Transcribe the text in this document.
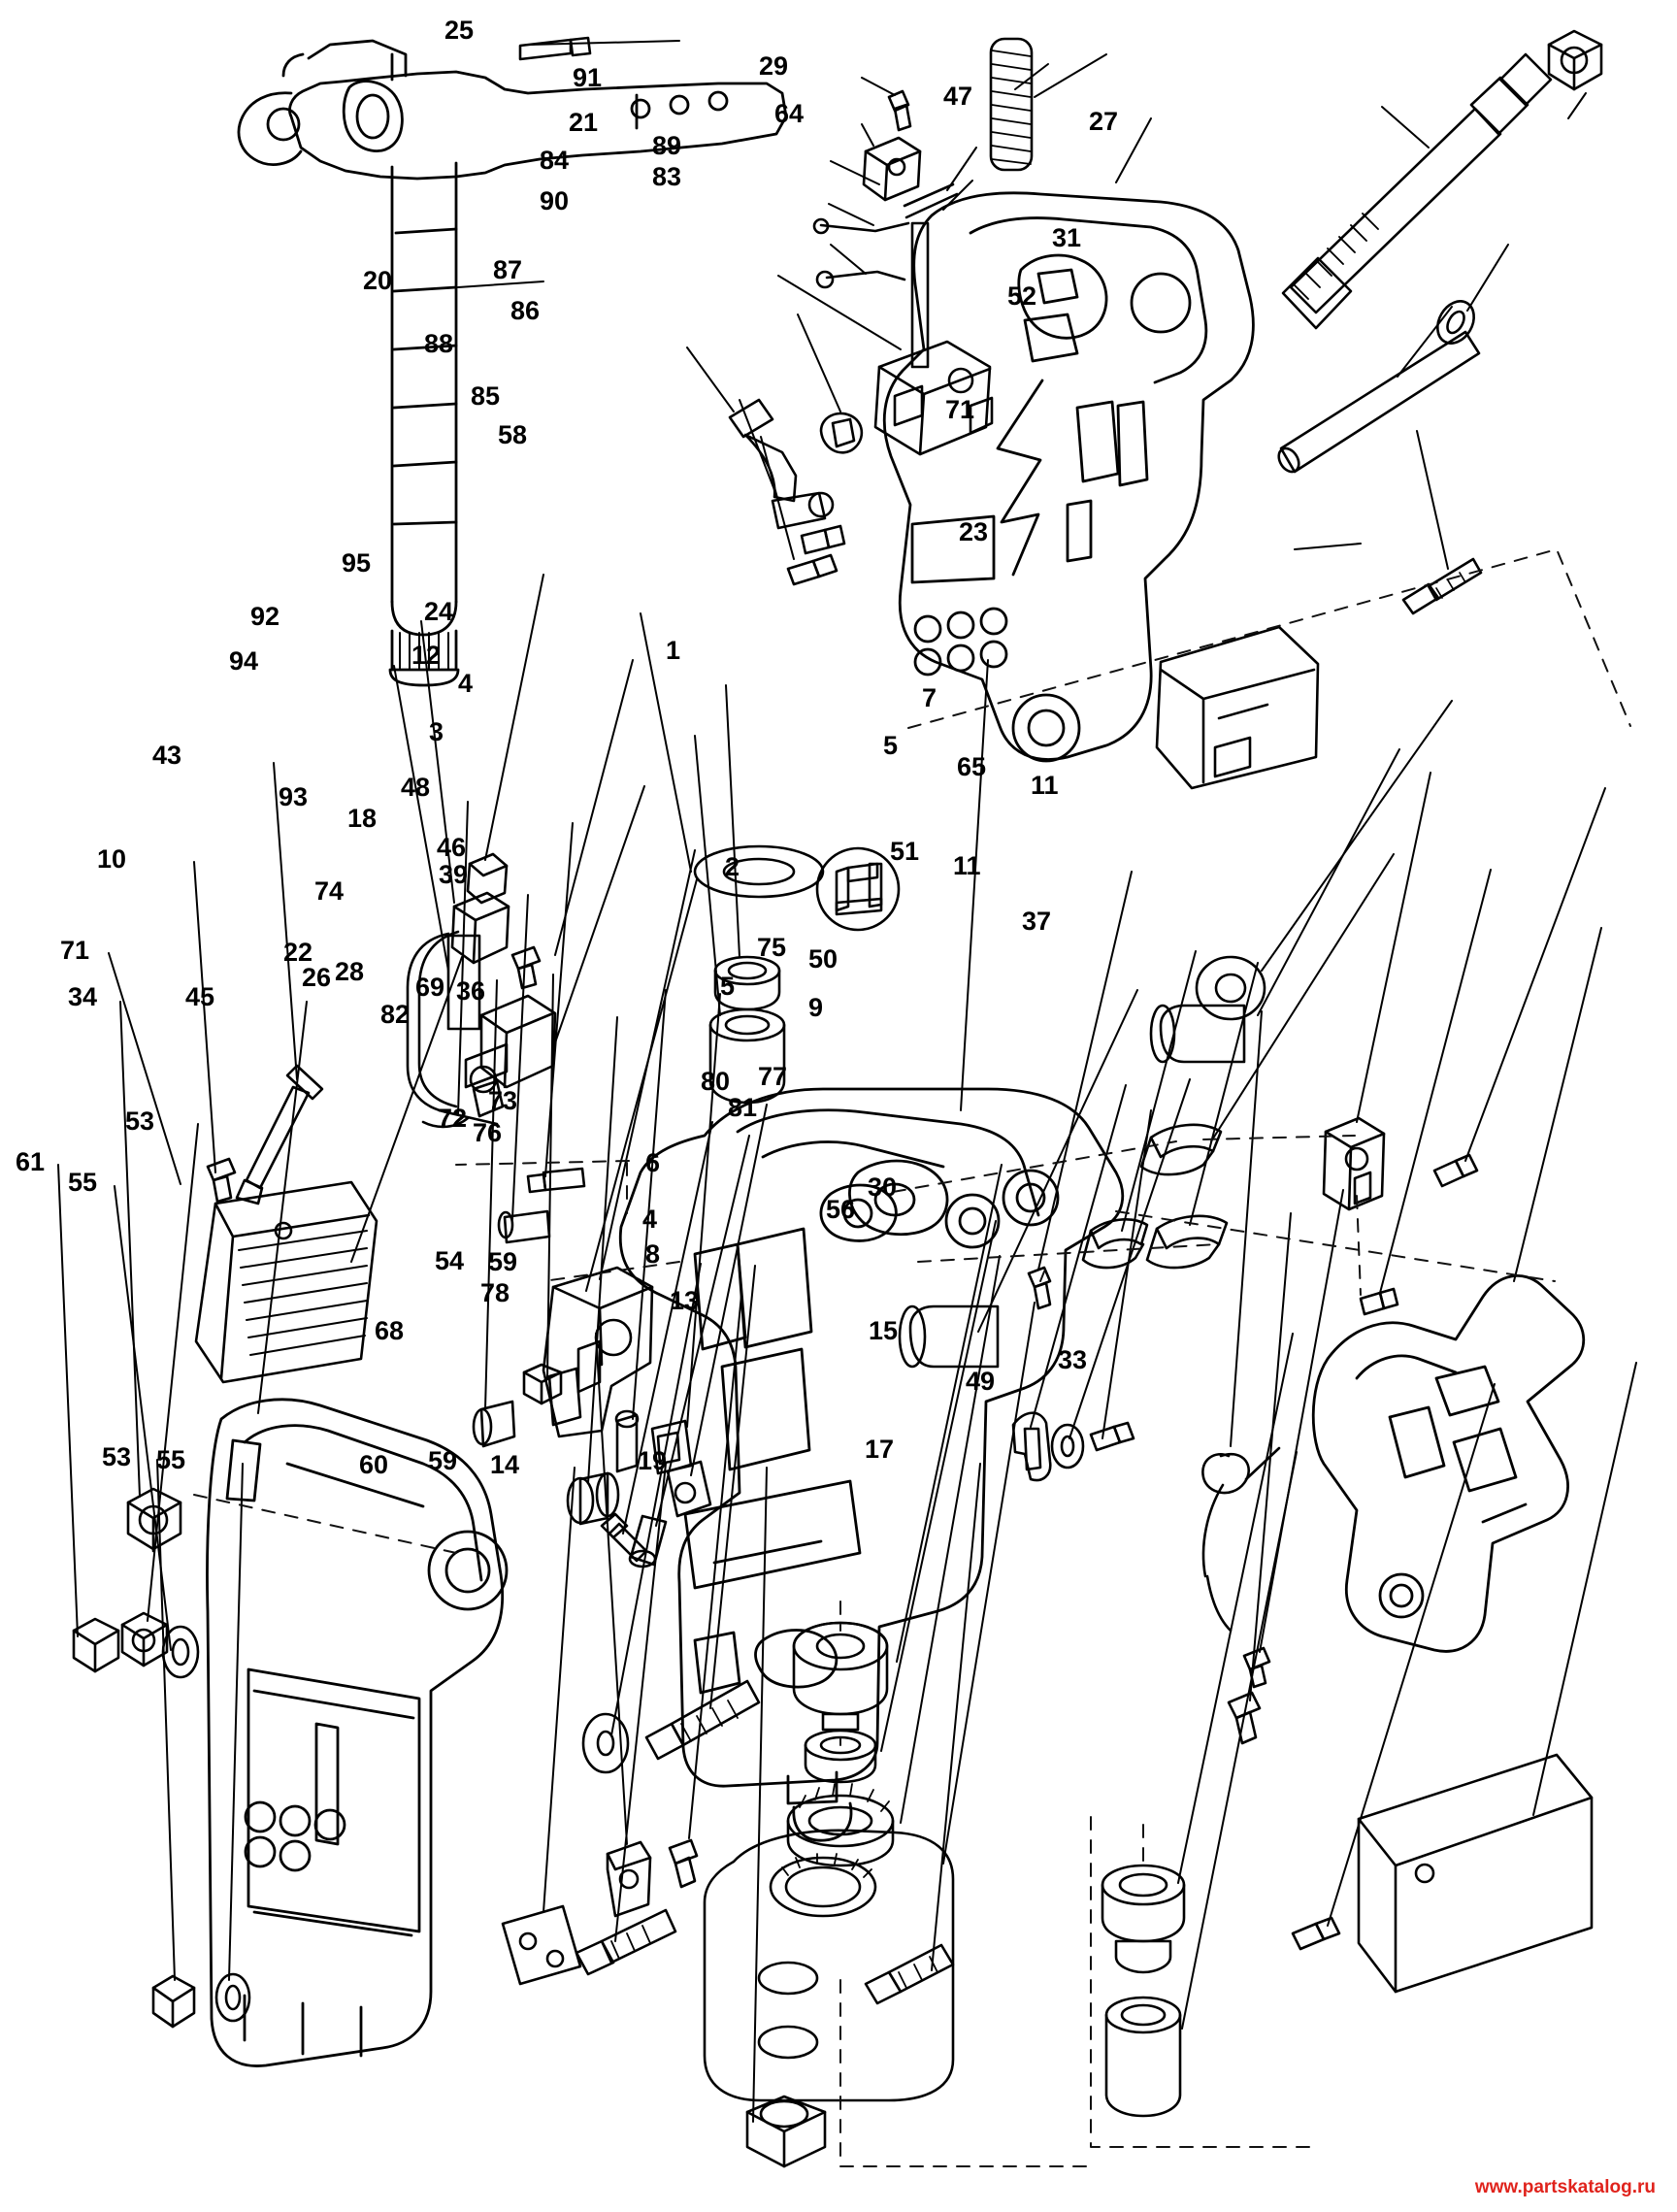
25
91	29
64
47
27
21
89
84
83
90
31
20
52
87
86
88
85
58
71
23
95
24
92
94	12	1
4	7
3	5
93	48
65
11
43
18
51
46
39	2	11
10
74
75 50
37
22
28
26	69 36	5
71
45
82	9
34
80 77
81
72
73
76
53
61
55
6
30
56
4
8
54 59
13
78
15
68
33
49
17
60 59 14	19
53 55
www.partskatalog.ru
